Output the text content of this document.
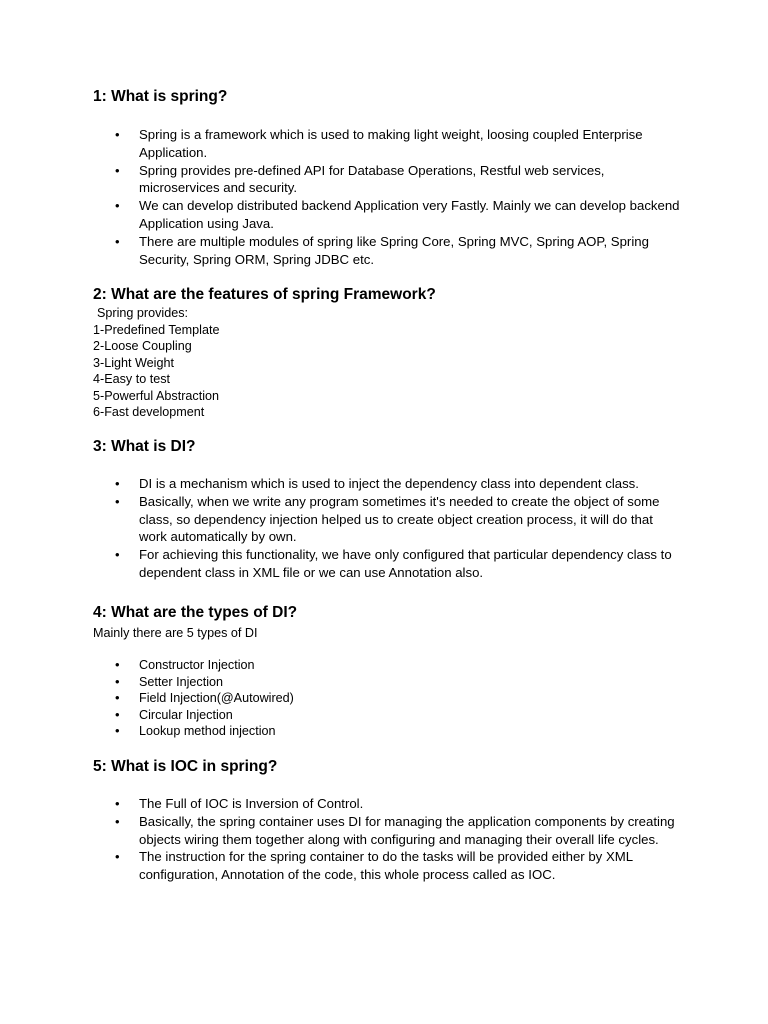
1: What is spring?
• Spring is a framework which is used to making light weight, loosing coupled Enterprise Application.
• Spring provides pre-defined API for Database Operations, Restful web services, microservices and security.
• We can develop distributed backend Application very Fastly. Mainly we can develop backend Application using Java.
• There are multiple modules of spring like Spring Core, Spring MVC, Spring AOP, Spring Security, Spring ORM, Spring JDBC etc.
2: What are the features of spring Framework?

Spring provides:

1-Predefined Template
2-Loose Coupling
3-Light Weight
4-Easy to test
5-Powerful Abstraction
6-Fast development
3: What is DI?
• DI is a mechanism which is used to inject the dependency class into dependent class.
• Basically, when we write any program sometimes it's needed to create the object of some class, so dependency injection helped us to create object creation process, it will do that work automatically by own.
• For achieving this functionality, we have only configured that particular dependency class to dependent class in XML file or we can use Annotation also.
4: What are the types of DI?

Mainly there are 5 types of DI

• Constructor Injection
• Setter Injection
• Field Injection(@Autowired)
• Circular Injection
• Lookup method injection
5: What is IOC in spring?
• The Full of IOC is Inversion of Control.
• Basically, the spring container uses DI for managing the application components by creating objects wiring them together along with configuring and managing their overall life cycles.
• The instruction for the spring container to do the tasks will be provided either by XML configuration, Annotation of the code, this whole process called as IOC.
